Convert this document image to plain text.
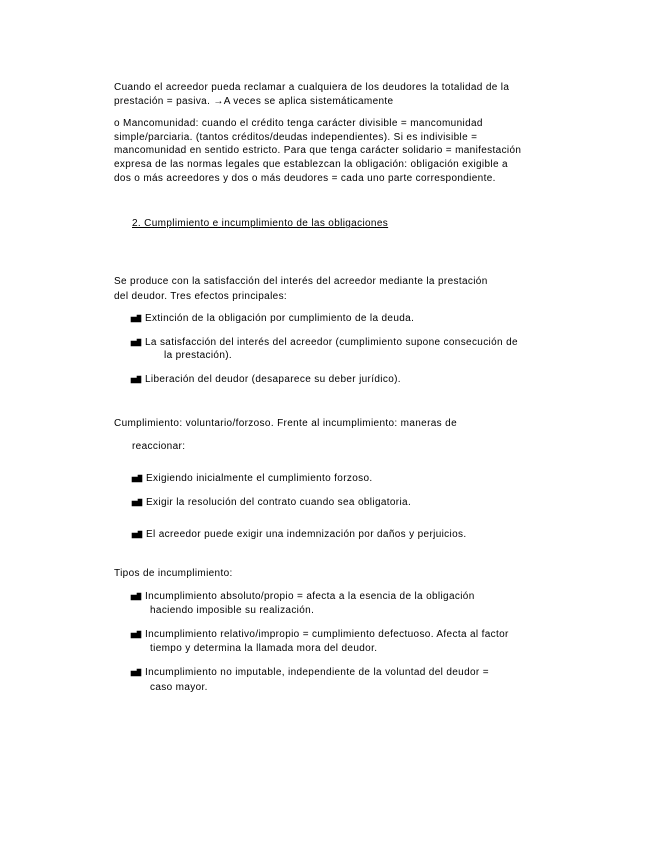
Cuando el acreedor pueda reclamar a cualquiera de los deudores la totalidad de la
prestación = pasiva. →A veces se aplica sistemáticamente
o Mancomunidad: cuando el crédito tenga carácter divisible = mancomunidad
simple/parciaria. (tantos créditos/deudas independientes). Si es indivisible =
mancomunidad en sentido estricto. Para que tenga carácter solidario = manifestación
expresa de las normas legales que establezcan la obligación: obligación exigible a
dos o más acreedores y dos o más deudores = cada uno parte correspondiente.
2. Cumplimiento e incumplimiento de las obligaciones
Se produce con la satisfacción del interés del acreedor mediante la prestación
del deudor. Tres efectos principales:
Extinción de la obligación por cumplimiento de la deuda.
La satisfacción del interés del acreedor (cumplimiento supone consecución de
la prestación).
Liberación del deudor (desaparece su deber jurídico).
Cumplimiento: voluntario/forzoso. Frente al incumplimiento: maneras de
reaccionar:
Exigiendo inicialmente el cumplimiento forzoso.
Exigir la resolución del contrato cuando sea obligatoria.
El acreedor puede exigir una indemnización por daños y perjuicios.
Tipos de incumplimiento:
Incumplimiento absoluto/propio = afecta a la esencia de la obligación
haciendo imposible su realización.
Incumplimiento relativo/impropio = cumplimiento defectuoso. Afecta al factor
tiempo y determina la llamada mora del deudor.
Incumplimiento no imputable, independiente de la voluntad del deudor =
caso mayor.
